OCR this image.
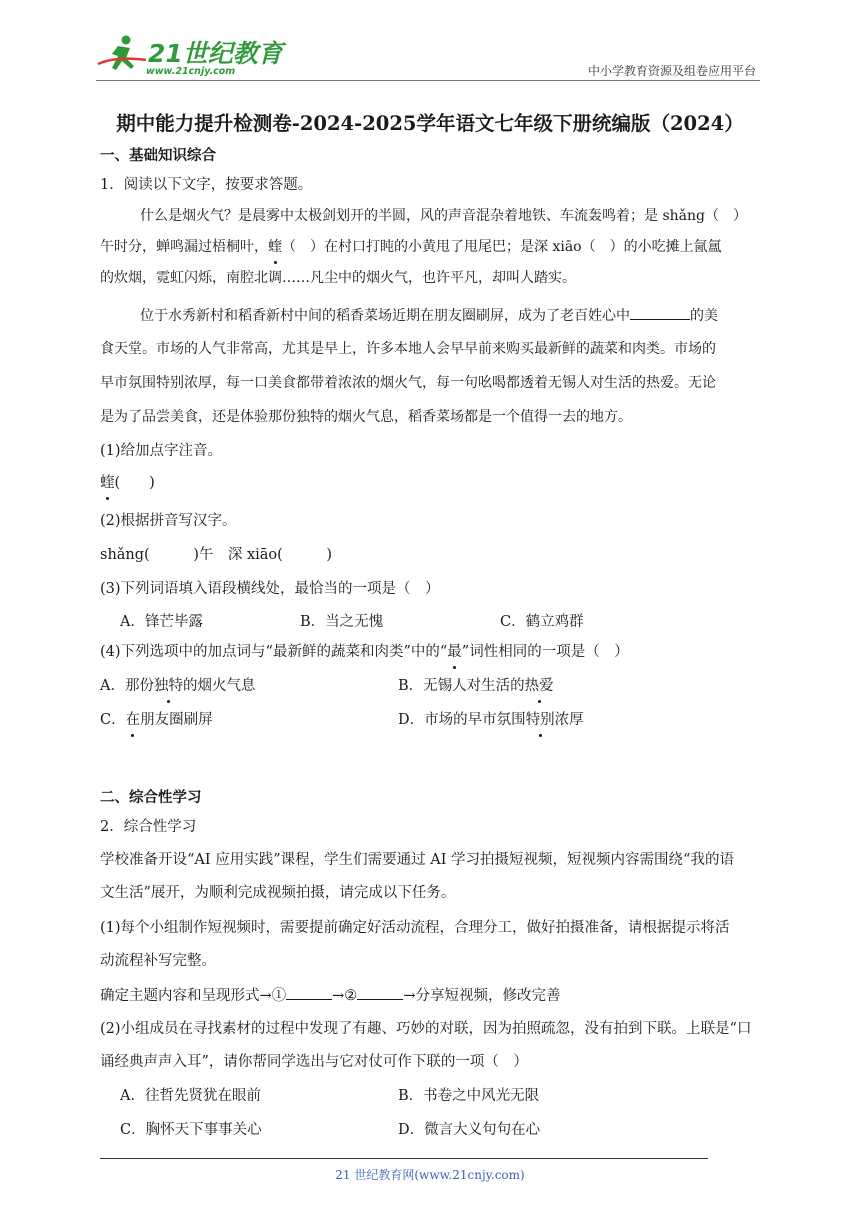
21世纪教育
www.21cnjy.com	中小学教育资源及组卷应用平台
期中能力提升检测卷-2024-2025学年语文七年级下册统编版（2024）
一、基础知识综合
1．阅读以下文字，按要求答题。
什么是烟火气？是晨雾中太极剑划开的半圆，风的声音混杂着地铁、车流轰鸣着；是 shǎng（　）
午时分，蝉鸣漏过梧桐叶，蝰（　）在村口打盹的小黄甩了甩尾巴；是深 xiāo（　）的小吃摊上氤氲
的炊烟，霓虹闪烁，南腔北调……凡尘中的烟火气，也许平凡，却叫人踏实。
位于水秀新村和稻香新村中间的稻香菜场近期在朋友圈刷屏，成为了老百姓心中	的美
食天堂。市场的人气非常高，尤其是早上，许多本地人会早早前来购买最新鲜的蔬菜和肉类。市场的
早市氛围特别浓厚，每一口美食都带着浓浓的烟火气，每一句吆喝都透着无锡人对生活的热爱。无论
是为了品尝美食，还是体验那份独特的烟火气息，稻香菜场都是一个值得一去的地方。
(1)给加点字注音。
蝰(　　)
(2)根据拼音写汉字。
shǎng(　　　)午　 深 xiāo(　　　)
(3)下列词语填入语段横线处，最恰当的一项是（　）
A．锋芒毕露	B．当之无愧	C．鹤立鸡群
(4)下列选项中的加点词与“最新鲜的蔬菜和肉类”中的“最”词性相同的一项是（　）
A．那份独特的烟火气息	B．无锡人对生活的热爱
C．在朋友圈刷屏	D．市场的早市氛围特别浓厚
二、综合性学习
2．综合性学习
学校准备开设“AI 应用实践”课程，学生们需要通过 AI 学习拍摄短视频，短视频内容需围绕“我的语
文生活”展开，为顺利完成视频拍摄，请完成以下任务。
(1)每个小组制作短视频时，需要提前确定好活动流程，合理分工，做好拍摄准备，请根据提示将活
动流程补写完整。
确定主题内容和呈现形式→①	→②	→分享短视频，修改完善
(2)小组成员在寻找素材的过程中发现了有趣、巧妙的对联，因为拍照疏忽，没有拍到下联。上联是“口
诵经典声声入耳”，请你帮同学选出与它对仗可作下联的一项（　）
A．往哲先贤犹在眼前	B．书卷之中风光无限
C．胸怀天下事事关心	D．微言大义句句在心
21 世纪教育网(www.21cnjy.com)
